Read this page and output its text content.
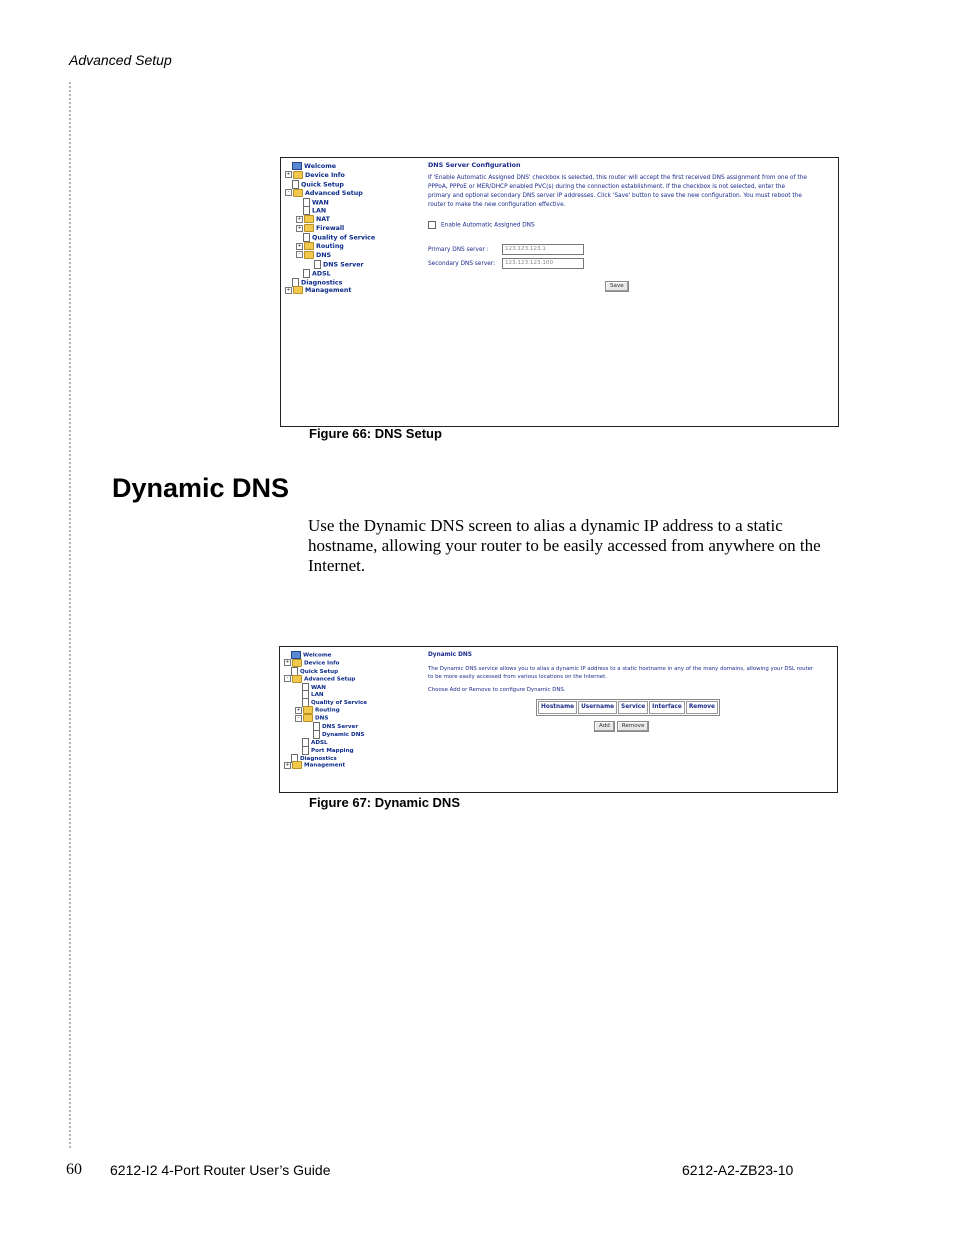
Advanced Setup
Welcome
+ Device Info
Quick Setup
- Advanced Setup
WAN
LAN
+ NAT
+ Firewall
Quality of Service
+ Routing
- DNS
DNS Server
ADSL
Diagnostics
+ Management

DNS Server Configuration

If 'Enable Automatic Assigned DNS' checkbox is selected, this router will accept the first received DNS assignment from one of the PPPoA, PPPoE or MER/DHCP enabled PVC(s) during the connection establishment. If the checkbox is not selected, enter the primary and optional secondary DNS server IP addresses. Click 'Save' button to save the new configuration. You must reboot the router to make the new configuration effective.

Enable Automatic Assigned DNS

Primary DNS server :	123.123.123.1

Secondary DNS server: 123.123.123.100

Save

Figure 66: DNS Setup
Dynamic DNS

Use the Dynamic DNS screen to alias a dynamic IP address to a static hostname, allowing your router to be easily accessed from anywhere on the Internet.

Welcome
+	Device Info
Quick Setup
-	Advanced Setup
WAN
LAN
Quality of Service
+	Routing
-	DNS
DNS Server
Dynamic DNS
ADSL
Port Mapping
Diagnostics
+	Management

Dynamic DNS

The Dynamic DNS service allows you to alias a dynamic IP address to a static hostname in any of the many domains, allowing your DSL router to be more easily accessed from various locations on the Internet.

Choose Add or Remove to configure Dynamic DNS.

Hostname	Username	Service	Interface	Remove

Add Remove

Figure 67: Dynamic DNS
60 6212-I2 4-Port Router User’s Guide	6212-A2-ZB23-10
